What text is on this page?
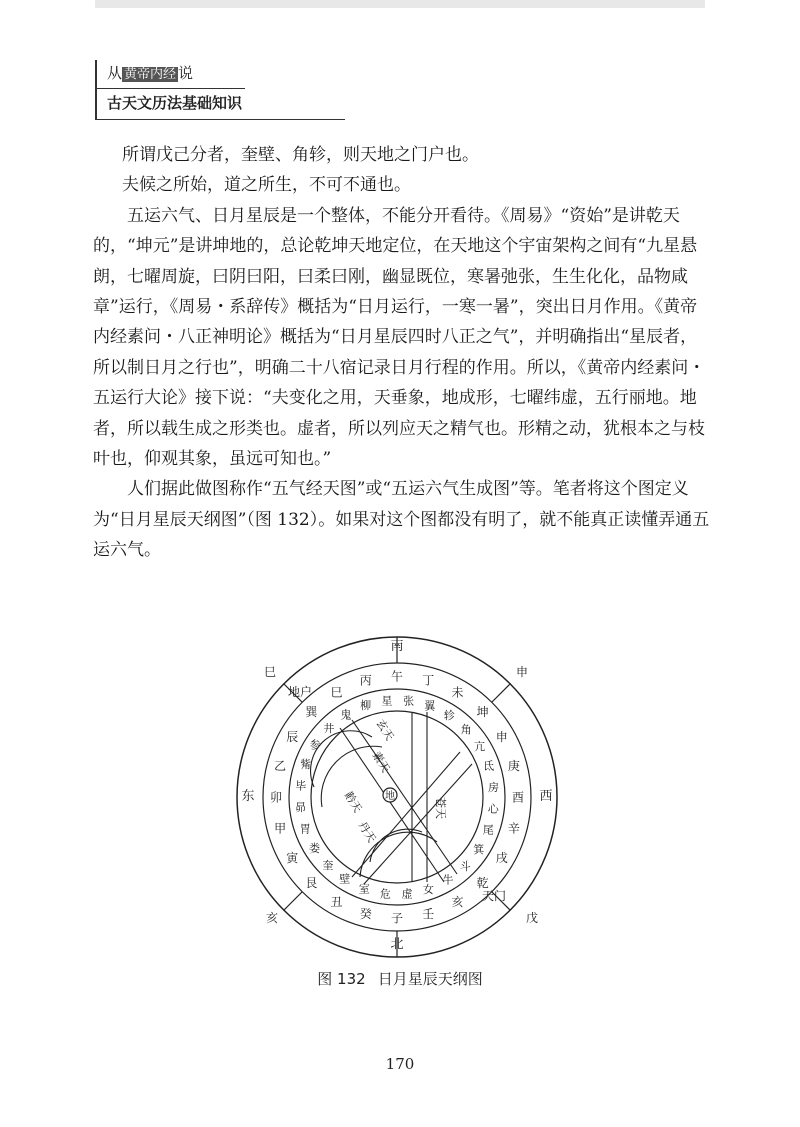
从 黄帝内经 说
古天文历法基础知识

所谓戊己分者，奎壁、角轸，则天地之门户也。

夫候之所始，道之所生，不可不通也。

五运六气、日月星辰是一个整体，不能分开看待。《周易》“资始”是讲乾天的，“坤元”是讲坤地的，总论乾坤天地定位，在天地这个宇宙架构之间有“九星悬朗，七曜周旋，曰阴曰阳，曰柔曰刚，幽显既位，寒暑弛张，生生化化，品物咸章”运行，《周易・系辞传》概括为“日月运行，一寒一暑”，突出日月作用。《黄帝内经素问・八正神明论》概括为“日月星辰四时八正之气”，并明确指出“星辰者，所以制日月之行也”，明确二十八宿记录日月行程的作用。所以，《黄帝内经素问・五运行大论》接下说：“夫变化之用，天垂象，地成形，七曜纬虚，五行丽地。地者，所以载生成之形类也。虚者，所以列应天之精气也。形精之动，犹根本之与枝叶也，仰观其象，虽远可知也。”

人们据此做图称作“五气经天图”或“五运六气生成图”等。笔者将这个图定义为“日月星辰天纲图”（图 132）。如果对这个图都没有明了，就不能真正读懂弄通五运六气。

午 丁
未
坤
申
庚
酉
辛
戌
乾
亥
壬
子
癸
丑
艮
寅
甲
卯
乙
辰
巽
巳
丙
星 张 翼
轸
角
亢
氐
房
心
尾
箕
斗
牛
女
虚
危
室
壁
奎
娄
胃
昴
毕
觜
参
井
鬼
柳
南
北
东	西
巳	申
戊
亥
天门
地户
丹天
黅天	苍天
素天
玄天
地
图 132 日月星辰天纲图
170
